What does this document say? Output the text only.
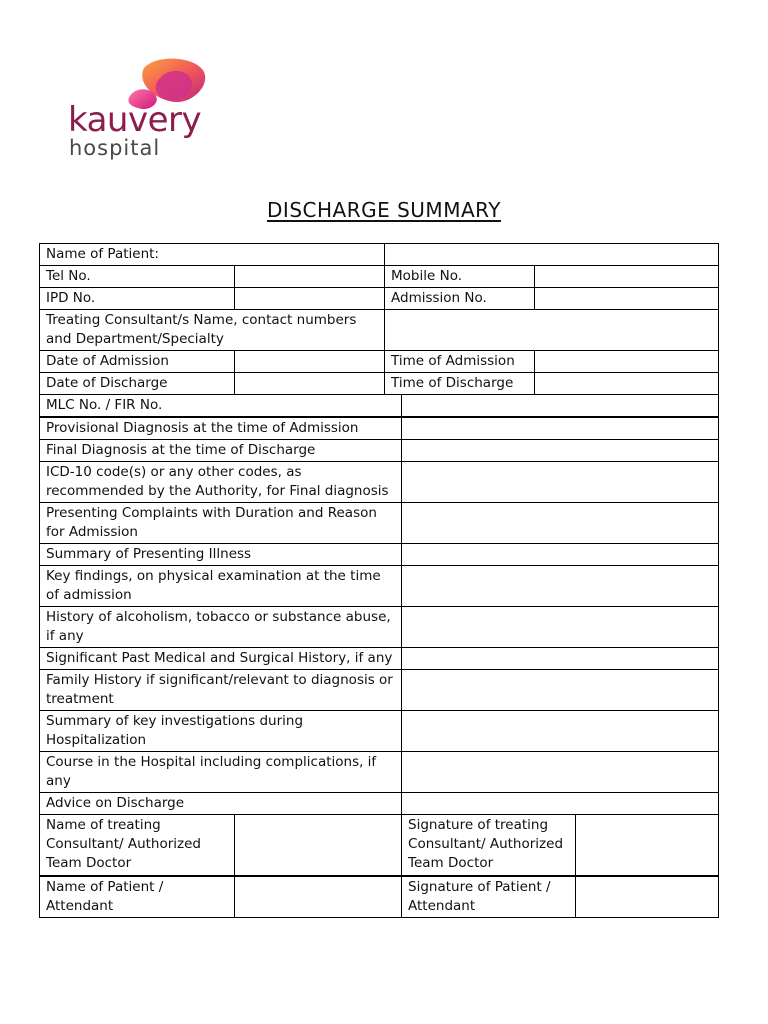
kauvery
hospital
DISCHARGE SUMMARY
Name of Patient:			
Tel No.		Mobile No.	
IPD No.		Admission No.	
Treating Consultant/s Name, contact numbers and Department/Specialty			
Date of Admission		Time of Admission	
Date of Discharge		Time of Discharge	
MLC No. / FIR No.			
Provisional Diagnosis at the time of Admission			
Final Diagnosis at the time of Discharge			
ICD-10 code(s) or any other codes, as recommended by the Authority, for Final diagnosis			
Presenting Complaints with Duration and Reason for Admission			
Summary of Presenting Illness			
Key findings, on physical examination at the time of admission			
History of alcoholism, tobacco or substance abuse, if any			
Significant Past Medical and Surgical History, if any			
Family History if significant/relevant to diagnosis or treatment			
Summary of key investigations during Hospitalization			
Course in the Hospital including complications, if any			
Advice on Discharge			
Name of treating Consultant/ Authorized Team Doctor		Signature of treating Consultant/ Authorized Team Doctor	
Name of Patient / Attendant		Signature of Patient / Attendant	
